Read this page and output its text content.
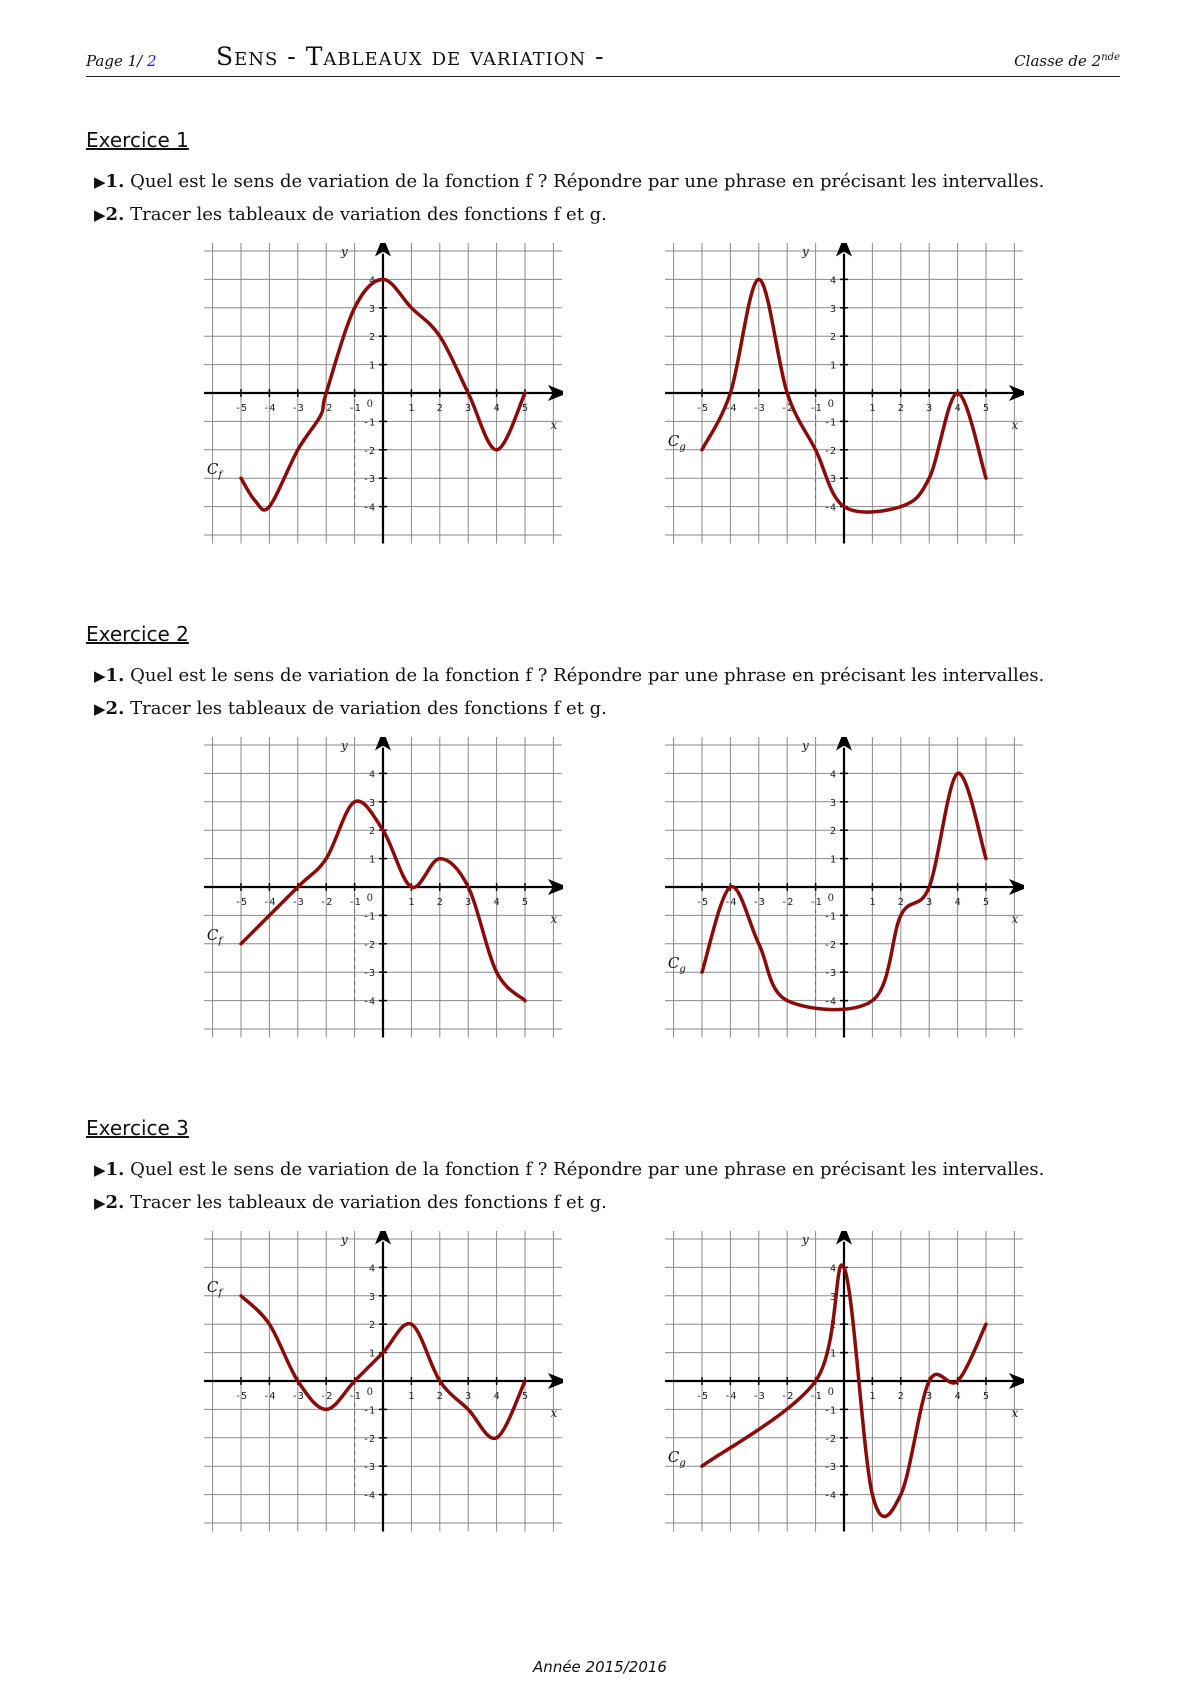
Page 1/ 2 Sens - Tableaux de variation -	Classe de 2nde
Exercice 1
▶1. Quel est le sens de variation de la fonction f ? Répondre par une phrase en précisant les intervalles.
▶2. Tracer les tableaux de variation des fonctions f et g.
-5 -4 -3 -2 -1	1 2 3 4 5
-4
-3
-2
-1
1
2
3
4
0
x
y
$C_f$
-5 -4 -3 -2 -1	1 2 3 4 5
-4
-3
-2
-1
1
2
3
4
0
x
y
$C_g$
Exercice 2
▶1. Quel est le sens de variation de la fonction f ? Répondre par une phrase en précisant les intervalles.
▶2. Tracer les tableaux de variation des fonctions f et g.
-5 -4 -3 -2 -1	1 2 3 4 5
-4
-3
-2
-1
1
2
3
4
0
x
y
$C_f$
-5 -4 -3 -2 -1	1 2 3 4 5
-4
-3
-2
-1
1
2
3
4
0
x
y
$C_g$
Exercice 3
▶1. Quel est le sens de variation de la fonction f ? Répondre par une phrase en précisant les intervalles.
▶2. Tracer les tableaux de variation des fonctions f et g.
-5 -4 -3 -2 -1	1 2 3 4 5
-4
-3
-2
-1
1
2
3
4
0
x
y
$C_f$
-5 -4 -3 -2 -1	1 2 3 4 5
-4
-3
-2
-1
1
2
3
4
0
x
y
$C_g$
Année 2015/2016
